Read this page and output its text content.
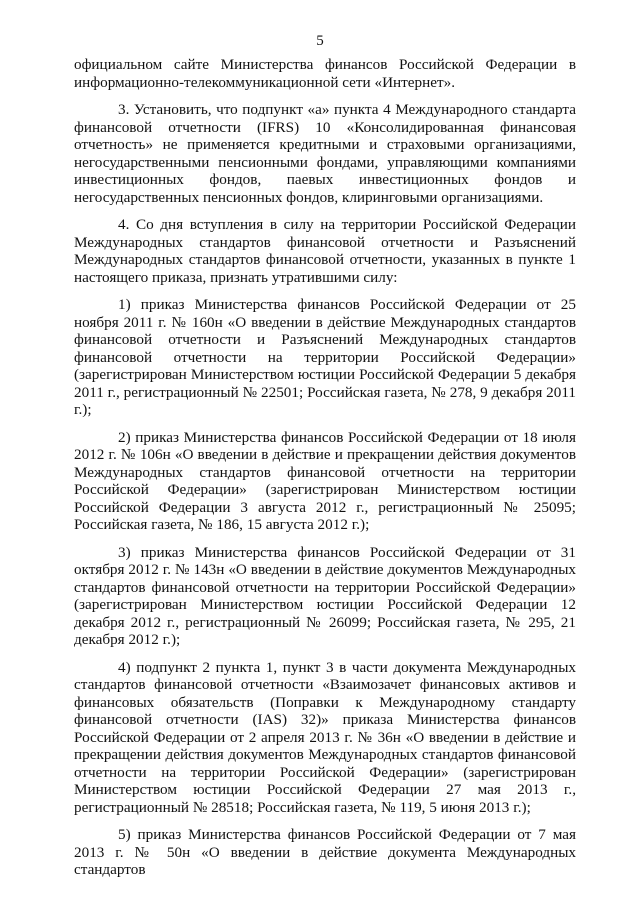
5

официальном сайте Министерства финансов Российской Федерации в информационно-телекоммуникационной сети «Интернет».

3. Установить, что подпункт «а» пункта 4 Международного стандарта финансовой отчетности (IFRS) 10 «Консолидированная финансовая отчетность» не применяется кредитными и страховыми организациями, негосударственными пенсионными фондами, управляющими компаниями инвестиционных фондов, паевых инвестиционных фондов и негосударственных пенсионных фондов, клиринговыми организациями.

4. Со дня вступления в силу на территории Российской Федерации Международных стандартов финансовой отчетности и Разъяснений Международных стандартов финансовой отчетности, указанных в пункте 1 настоящего приказа, признать утратившими силу:

1) приказ Министерства финансов Российской Федерации от 25 ноября 2011 г. № 160н «О введении в действие Международных стандартов финансовой отчетности и Разъяснений Международных стандартов финансовой отчетности на территории Российской Федерации» (зарегистрирован Министерством юстиции Российской Федерации 5 декабря 2011 г., регистрационный № 22501; Российская газета, № 278, 9 декабря 2011 г.);

2) приказ Министерства финансов Российской Федерации от 18 июля 2012 г. № 106н «О введении в действие и прекращении действия документов Международных стандартов финансовой отчетности на территории Российской Федерации» (зарегистрирован Министерством юстиции Российской Федерации 3 августа 2012 г., регистрационный № 25095; Российская газета, № 186, 15 августа 2012 г.);

3) приказ Министерства финансов Российской Федерации от 31 октября 2012 г. № 143н «О введении в действие документов Международных стандартов финансовой отчетности на территории Российской Федерации» (зарегистрирован Министерством юстиции Российской Федерации 12 декабря 2012 г., регистрационный № 26099; Российская газета, № 295, 21 декабря 2012 г.);

4) подпункт 2 пункта 1, пункт 3 в части документа Международных стандартов финансовой отчетности «Взаимозачет финансовых активов и финансовых обязательств (Поправки к Международному стандарту финансовой отчетности (IAS) 32)» приказа Министерства финансов Российской Федерации от 2 апреля 2013 г. № 36н «О введении в действие и прекращении действия документов Международных стандартов финансовой отчетности на территории Российской Федерации» (зарегистрирован Министерством юстиции Российской Федерации 27 мая 2013 г., регистрационный № 28518; Российская газета, № 119, 5 июня 2013 г.);

5) приказ Министерства финансов Российской Федерации от 7 мая 2013 г. № 50н «О введении в действие документа Международных стандартов
